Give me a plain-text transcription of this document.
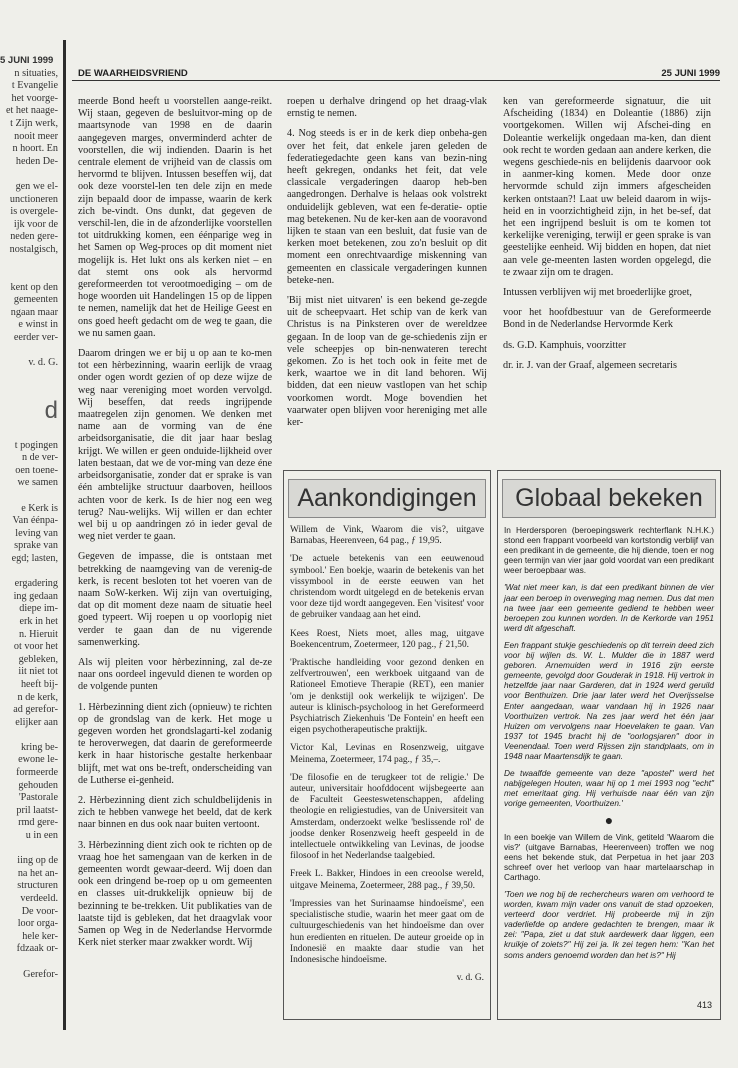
5 JUNI 1999
n situaties,
t Evangelie
het voorge-
et het naage-
t Zijn werk,
nooit meer
n hoort. En
heden De-

gen we el-
unctioneren
is overgele-
ijk voor de
neden gere-
nostalgisch,

kent op den
gemeenten
ngaan maar
e winst in
eerder ver-

v. d. G.

d

t pogingen
n de ver-
oen toene-
we samen

e Kerk is
Van éénpa-
leving van
sprake van
egd; lasten,

ergadering
ing gedaan
diepe im-
erk in het
n. Hieruit
ot voor het
gebleken,
iit niet tot
heeft bij-
n de kerk,
ad gerefor-
elijker aan

kring be-
ewone le-
formeerde
gehouden
'Pastorale
pril laatst-
rmd gere-
u in een

iing op de
na het an-
structuren
verdeeld.
De voor-
loor orga-
hele ker-
fdzaak or-

Gerefor-
DE WAARHEIDSVRIEND	25 JUNI 1999

meerde Bond heeft u voorstellen aange-reikt. Wij staan, gegeven de besluitvor-ming op de maartsynode van 1998 en de daarin aangegeven marges, onverminderd achter de voorstellen, die wij indienden. Daarin is het centrale element de vrijheid van de classis om hervormd te blijven. Intussen beseffen wij, dat ook deze voorstel-len ten dele zijn en mede zijn bepaald door de impasse, waarin de kerk zich be-vindt. Ons dunkt, dat gegeven de verschil-len, die in de afzonderlijke voorstellen tot uitdrukking komen, een éénparige weg in het Samen op Weg-proces op dit moment niet mogelijk is. Het lukt ons als kerken niet – en dat stemt ons ook als hervormd gereformeerden tot verootmoediging – om de hoge woorden uit Handelingen 15 op de lippen te nemen, namelijk dat het de Heilige Geest en ons goed heeft gedacht om de weg te gaan, die we nu samen gaan.

Daarom dringen we er bij u op aan te ko-men tot een hèrbezinning, waarin eerlijk de vraag onder ogen wordt gezien of op deze wijze de weg naar vereniging moet worden vervolgd. Wij beseffen, dat reeds ingrijpende maatregelen zijn genomen. We denken met name aan de vorming van de éne arbeidsorganisatie, die dit jaar haar beslag krijgt. We willen er geen onduide-lijkheid over laten bestaan, dat we de vor-ming van deze éne arbeidsorganisatie, zonder dat er sprake is van één ambtelijke structuur daarboven, heilloos achten voor de kerk. Is de hier nog een weg terug? Nau-welijks. Wij willen er dan echter wel bij u op aandringen zó in ieder geval de weg niet verder te gaan.

Gegeven de impasse, die is ontstaan met betrekking de naamgeving van de verenig-de kerk, is recent besloten tot het voeren van de naam SoW-kerken. Wij zijn van overtuiging, dat op dit moment deze naam de situatie heel goed typeert. Wij roepen u op voorlopig niet verder te gaan dan de nu vigerende samenwerking.

Als wij pleiten voor hèrbezinning, zal de-ze naar ons oordeel ingevuld dienen te worden op de volgende punten

1. Hèrbezinning dient zich (opnieuw) te richten op de grondslag van de kerk. Het moge u gegeven worden het grondslagarti-kel zodanig te heroverwegen, dat daarin de gereformeerde kerk in haar historische gestalte herkenbaar blijft, met wat ons be-treft, onderscheiding van de Lutherse ei-genheid.

2. Hèrbezinning dient zich schuldbelijdenis in zich te hebben vanwege het beeld, dat de kerk naar binnen en dus ook naar buiten vertoont.

3. Hèrbezinning dient zich ook te richten op de vraag hoe het samengaan van de kerken in de gemeenten wordt gewaar-deerd. Wij doen dan ook een dringend be-roep op u om gemeenten en classes uit-drukkelijk opnieuw bij de bezinning te be-trekken. Uit publikaties van de laatste tijd is gebleken, dat het draagvlak voor Samen op Weg in de Nederlandse Hervormde Kerk niet sterker maar zwakker wordt. Wij

roepen u derhalve dringend op het draag-vlak ernstig te nemen.

4. Nog steeds is er in de kerk diep onbeha-gen over het feit, dat enkele jaren geleden de federatiegedachte geen kans van bezin-ning heeft gekregen, ondanks het feit, dat vele classicale vergaderingen daarop heb-ben aangedrongen. Derhalve is helaas ook volstrekt onduidelijk gebleven, wat een fe-deratie- optie mag betekenen. Nu de ker-ken aan de vooravond lijken te staan van een besluit, dat fusie van de kerken moet betekenen, zou zo'n besluit op dit moment een onrechtvaardige miskenning van gemeenten en classicale vergaderingen kunnen beteke-nen.

'Bij mist niet uitvaren' is een bekend ge-zegde uit de scheepvaart. Het schip van de kerk van Christus is na Pinksteren over de wereldzee gegaan. In de loop van de ge-schiedenis zijn er vele scheepjes op bin-nenwateren terecht gekomen. Zo is het toch ook in feite met de kerk, waartoe we in dit land behoren. Wij bidden, dat een nieuw vastlopen van het schip voorkomen wordt. Moge bovendien het vaarwater open blijven voor hereniging met alle ker-

ken van gereformeerde signatuur, die uit Afscheiding (1834) en Doleantie (1886) zijn voortgekomen. Willen wij Afschei-ding en Doleantie werkelijk ongedaan ma-ken, dan dient ook recht te worden gedaan aan andere kerken, die wegens geschiede-nis en belijdenis daarvoor ook in aanmer-king komen. Mede door onze hervormde schuld zijn immers afgescheiden kerken ontstaan?! Laat uw beleid daarom in wijs-heid en in voorzichtigheid zijn, in het be-sef, dat het een ingrijpend besluit is om te komen tot kerkelijke vereniging, terwijl er geen sprake is van geestelijke eenheid. Wij bidden en hopen, dat niet aan vele ge-meenten lasten worden opgelegd, die te zwaar zijn om te dragen.

Intussen verblijven wij met broederlijke groet,

voor het hoofdbestuur van de Gereformeerde Bond in de Nederlandse Hervormde Kerk

ds. G.D. Kamphuis, voorzitter

dr. ir. J. van der Graaf, algemeen secretaris

Aankondigingen

Willem de Vink, Waarom die vis?, uitgave Barnabas, Heerenveen, 64 pag., ƒ 19,95.

'De actuele betekenis van een eeuwenoud symbool.' Een boekje, waarin de betekenis van het vissymbool in de eerste eeuwen van het christendom wordt uitgelegd en de betekenis ervan voor deze tijd wordt aangegeven. Een 'visitest' voor de gebruiker vandaag aan het eind.

Kees Roest, Niets moet, alles mag, uitgave Boekencentrum, Zoetermeer, 120 pag., ƒ 21,50.

'Praktische handleiding voor gezond denken en zelfvertrouwen', een werkboek uitgaand van de Rationeel Emotieve Therapie (RET), een manier 'om je denkstijl ook werkelijk te wijzigen'. De auteur is klinisch-psycholoog in het Gereformeerd Psychiatrisch Ziekenhuis 'De Fontein' en heeft een eigen psychotherapeutische praktijk.

Victor Kal, Levinas en Rosenzweig, uitgave Meinema, Zoetermeer, 174 pag., ƒ 35,–.

'De filosofie en de terugkeer tot de religie.' De auteur, universitair hoofddocent wijsbegeerte aan de Faculteit Geesteswetenschappen, afdeling theologie en religiestudies, van de Universiteit van Amsterdam, onderzoekt welke 'beslissende rol' de joodse denker Rosenzweig heeft gespeeld in de intellectuele ontwikkeling van Levinas, de joodse filosoof in het Nederlandse taalgebied.

Freek L. Bakker, Hindoes in een creoolse wereld, uitgave Meinema, Zoetermeer, 288 pag., ƒ 39,50.

'Impressies van het Surinaamse hindoeïsme', een specialistische studie, waarin het meer gaat om de cultuurgeschiedenis van het hindoeïsme dan over hun eredienten en rituelen. De auteur groeide op in Indonesië en maakte daar studie van het Indonesische hindoeïsme.

v. d. G.

Globaal bekeken

In Herdersporen (beroepingswerk rechterflank N.H.K.) stond een frappant voorbeeld van kortstondig verblijf van een predikant in de gemeente, die hij diende, toen er nog geen termijn van vier jaar gold voordat van een predikant weer beroepbaar was.

'Wat niet meer kan, is dat een predikant binnen de vier jaar een beroep in overweging mag nemen. Dus dat men na twee jaar een gemeente gediend te hebben weer beroepen zou kunnen worden. In de Kerkorde van 1951 werd dit afgeschaft.

Een frappant stukje geschiedenis op dit terrein deed zich voor bij wijlen ds. W. L. Mulder die in 1887 werd geboren. Arnemuiden werd in 1916 zijn eerste gemeente, gevolgd door Gouderak in 1918. Hij vertrok in hetzelfde jaar naar Garderen, dat in 1924 werd geruild voor Benthuizen. Drie jaar later werd het Overijsselse Enter aangedaan, waar vandaan hij in 1926 naar Voorthuizen vertrok. Na zes jaar werd het één jaar Huizen om vervolgens naar Hoevelaken te gaan. Van 1937 tot 1945 bracht hij de "oorlogsjaren" door in Veenendaal. Toen werd Rijssen zijn standplaats, om in 1948 naar Maartensdijk te gaan.

De twaalfde gemeente van deze "apostel" werd het nabijgelegen Houten, waar hij op 1 mei 1993 nog "echt" met emeritaat ging. Hij verhuisde naar één van zijn vorige gemeenten, Voorthuizen.'

●

In een boekje van Willem de Vink, getiteld 'Waarom die vis?' (uitgave Barnabas, Heerenveen) troffen we nog eens het bekende stuk, dat Perpetua in het jaar 203 schreef over het verloop van haar martelaarschap in Carthago.

'Toen we nog bij de rechercheurs waren om verhoord te worden, kwam mijn vader ons vanuit de stad opzoeken, verteerd door verdriet. Hij probeerde mij in zijn vaderliefde op andere gedachten te brengen, maar ik zei: "Papa, ziet u dat stuk aardewerk daar liggen, een kruikje of zoiets?" Hij zei ja. Ik zei tegen hem: "Kan het soms anders genoemd worden dan het is?" Hij

413
